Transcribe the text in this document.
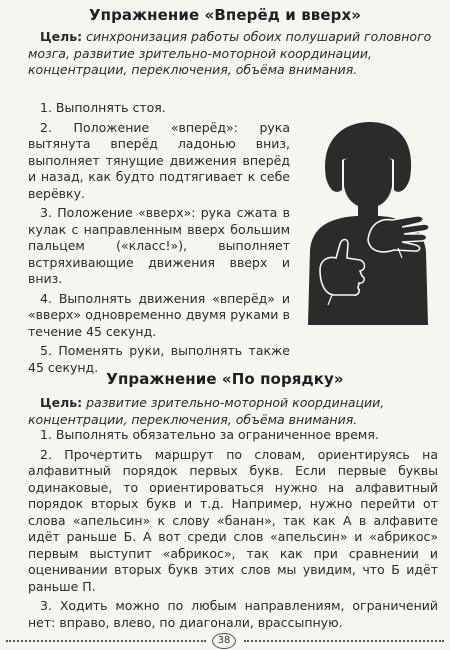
Упражнение «Вперёд и вверх»
Цель: синхронизация работы обоих полушарий головного мозга, развитие зрительно-моторной координации, концентрации, переключения, объёма внимания.
1. Выполнять стоя.
2. Положение «вперёд»: рука вытянута вперёд ладонью вниз, выполняет тянущие движения вперёд и назад, как будто подтягивает к себе верёвку.
3. Положение «вверх»: рука сжата в кулак с направленным вверх большим пальцем («класс!»), выполняет встряхивающие движения вверх и вниз.
4. Выполнять движения «вперёд» и «вверх» одновременно двумя руками в течение 45 секунд.
5. Поменять руки, выполнять также 45 секунд.
Упражнение «По порядку»
Цель: развитие зрительно-моторной координации, концентрации, переключения, объёма внимания.
1. Выполнять обязательно за ограниченное время.
2. Прочертить маршрут по словам, ориентируясь на алфавитный порядок первых букв. Если первые буквы одинаковые, то ориентироваться нужно на алфавитный порядок вторых букв и т.д. Например, нужно перейти от слова «апельсин» к слову «банан», так как А в алфавите идёт раньше Б. А вот среди слов «апельсин» и «абрикос» первым выступит «абрикос», так как при сравнении и оценивании вторых букв этих слов мы увидим, что Б идёт раньше П.
3. Ходить можно по любым направлениям, ограничений нет: вправо, влево, по диагонали, врассыпную.
38
